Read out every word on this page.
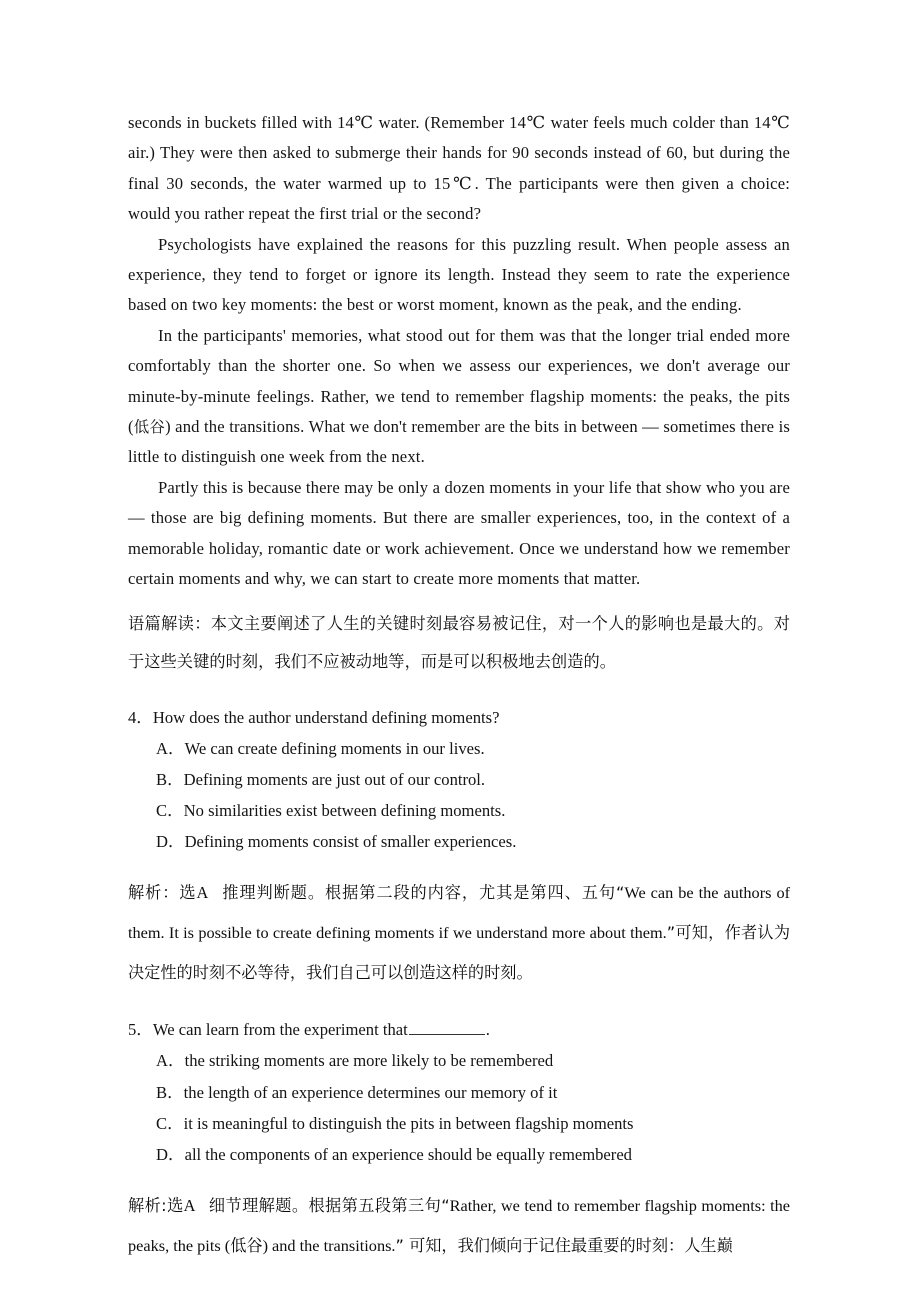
seconds in buckets filled with 14℃ water. (Remember 14℃ water feels much colder than 14℃ air.) They were then asked to submerge their hands for 90 seconds instead of 60, but during the final 30 seconds, the water warmed up to 15℃. The participants were then given a choice: would you rather repeat the first trial or the second?

Psychologists have explained the reasons for this puzzling result. When people assess an experience, they tend to forget or ignore its length. Instead they seem to rate the experience based on two key moments: the best or worst moment, known as the peak, and the ending.

In the participants' memories, what stood out for them was that the longer trial ended more comfortably than the shorter one. So when we assess our experiences, we don't average our minute-by-minute feelings. Rather, we tend to remember flagship moments: the peaks, the pits (低谷) and the transitions. What we don't remember are the bits in between — sometimes there is little to distinguish one week from the next.

Partly this is because there may be only a dozen moments in your life that show who you are — those are big defining moments. But there are smaller experiences, too, in the context of a memorable holiday, romantic date or work achievement. Once we understand how we remember certain moments and why, we can start to create more moments that matter.

语篇解读：本文主要阐述了人生的关键时刻最容易被记住，对一个人的影响也是最大的。对于这些关键的时刻，我们不应被动地等，而是可以积极地去创造的。
4．How does the author understand defining moments?
A．We can create defining moments in our lives.
B．Defining moments are just out of our control.
C．No similarities exist between defining moments.
D．Defining moments consist of smaller experiences.
解析：选A 推理判断题。根据第二段的内容，尤其是第四、五句“We can be the authors of them. It is possible to create defining moments if we understand more about them.”可知，作者认为决定性的时刻不必等待，我们自己可以创造这样的时刻。
5．We can learn from the experiment that	.
A．the striking moments are more likely to be remembered
B．the length of an experience determines our memory of it
C．it is meaningful to distinguish the pits in between flagship moments
D．all the components of an experience should be equally remembered
解析:选A 细节理解题。根据第五段第三句“Rather, we tend to remember flagship moments: the peaks, the pits (低谷) and the transitions.” 可知，我们倾向于记住最重要的时刻：人生巅
